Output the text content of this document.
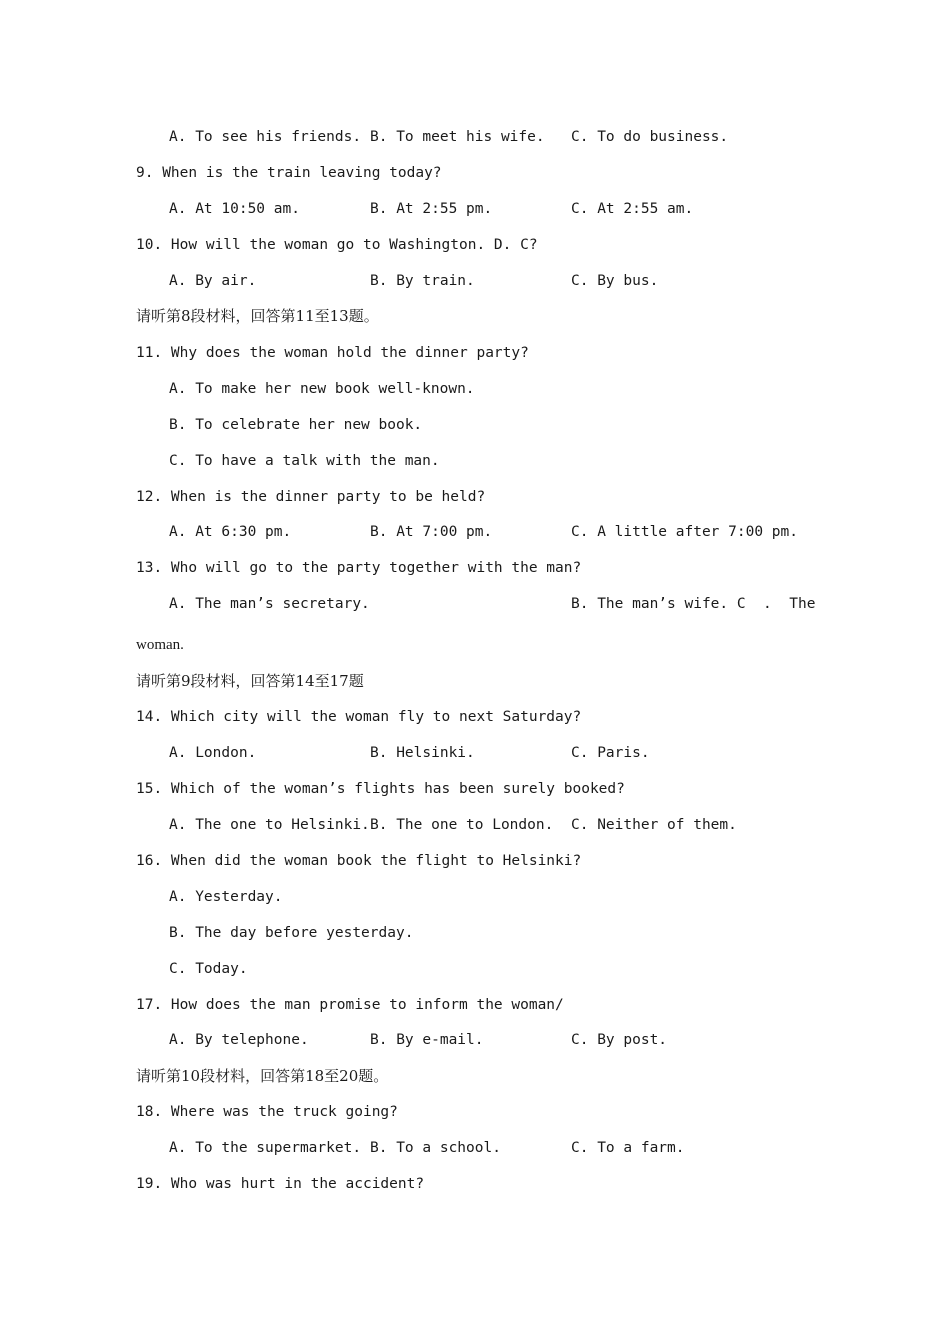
A. To see his friends.

B. To meet his wife.

C. To do business.

9. When is the train leaving today?

A. At 10:50 am.

	B. At 2:55 pm.

	C. At 2:55 am.

10. How will the woman go to Washington. D. C?

A. By air.

	B. By train.

	C. By bus.

请听第8段材料，回答第11至13题。
11. Why does the woman hold the dinner party?
A. To make her new book well-known.
B. To celebrate her new book.
C. To have a talk with the man.
12. When is the dinner party to be held?

A. At 6:30 pm.

	B. At 7:00 pm.

	C. A little after 7:00 pm.

13. Who will go to the party together with the man?

A. The man’s secretary.

	B. The man’s wife. C  .  The

woman.
请听第9段材料，回答第14至17题
14. Which city will the woman fly to next Saturday?

A. London.

	B. Helsinki.

	C. Paris.

15. Which of the woman’s flights has been surely booked?

A. The one to Helsinki.

B. The one to London.

C. Neither of them.

16. When did the woman book the flight to Helsinki?
A. Yesterday.
B. The day before yesterday.
C. Today.
17. How does the man promise to inform the woman/

A. By telephone.

	B. By e-mail.

	C. By post.

请听第10段材料，回答第18至20题。
18. Where was the truck going?

A. To the supermarket.

B. To a school.

	C. To a farm.

19. Who was hurt in the accident?
